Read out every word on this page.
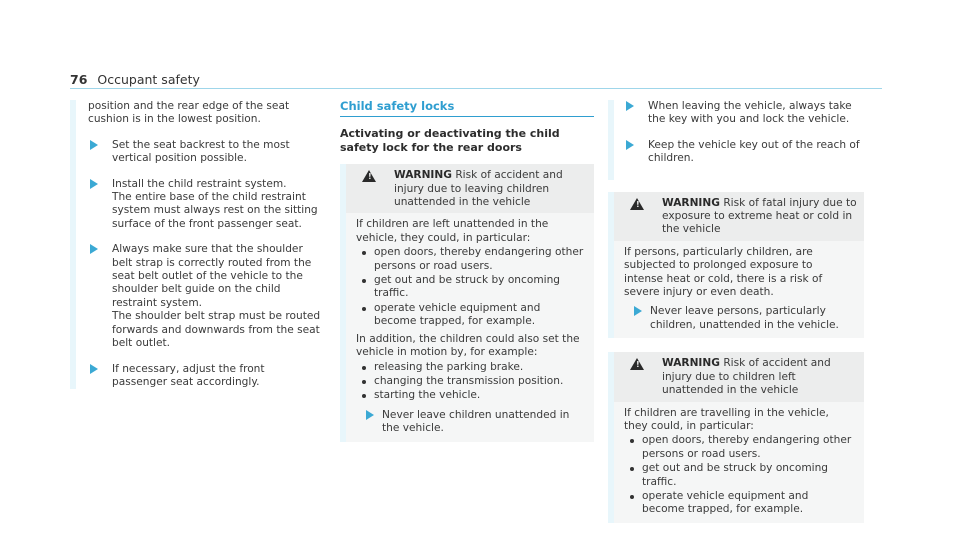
76 Occupant safety

position and the rear edge of the seat cushion is in the lowest position.

Set the seat backrest to the most vertical position possible.

Install the child restraint system.
The entire base of the child restraint system must always rest on the sitting surface of the front passenger seat.

Always make sure that the shoulder belt strap is correctly routed from the seat belt outlet of the vehicle to the shoulder belt guide on the child restraint system.
The shoulder belt strap must be routed forwards and downwards from the seat belt outlet.

If necessary, adjust the front passenger seat accordingly.

Child safety locks
Activating or deactivating the child safety lock for the rear doors
! WARNING Risk of accident and injury due to leaving children unattended in the vehicle

If children are left unattended in the vehicle, they could, in particular:

open doors, thereby endangering other persons or road users.
get out and be struck by oncoming traffic.
operate vehicle equipment and become trapped, for example.

In addition, the children could also set the vehicle in motion by, for example:

releasing the parking brake.
changing the transmission position.
starting the vehicle.

Never leave children unattended in the vehicle.

When leaving the vehicle, always take the key with you and lock the vehicle.

Keep the vehicle key out of the reach of children.

! WARNING Risk of fatal injury due to exposure to extreme heat or cold in the vehicle

If persons, particularly children, are subjected to prolonged exposure to intense heat or cold, there is a risk of severe injury or even death.

Never leave persons, particularly children, unattended in the vehicle.

! WARNING Risk of accident and injury due to children left unattended in the vehicle

If children are travelling in the vehicle, they could, in particular:

open doors, thereby endangering other persons or road users.
get out and be struck by oncoming traffic.
operate vehicle equipment and become trapped, for example.
